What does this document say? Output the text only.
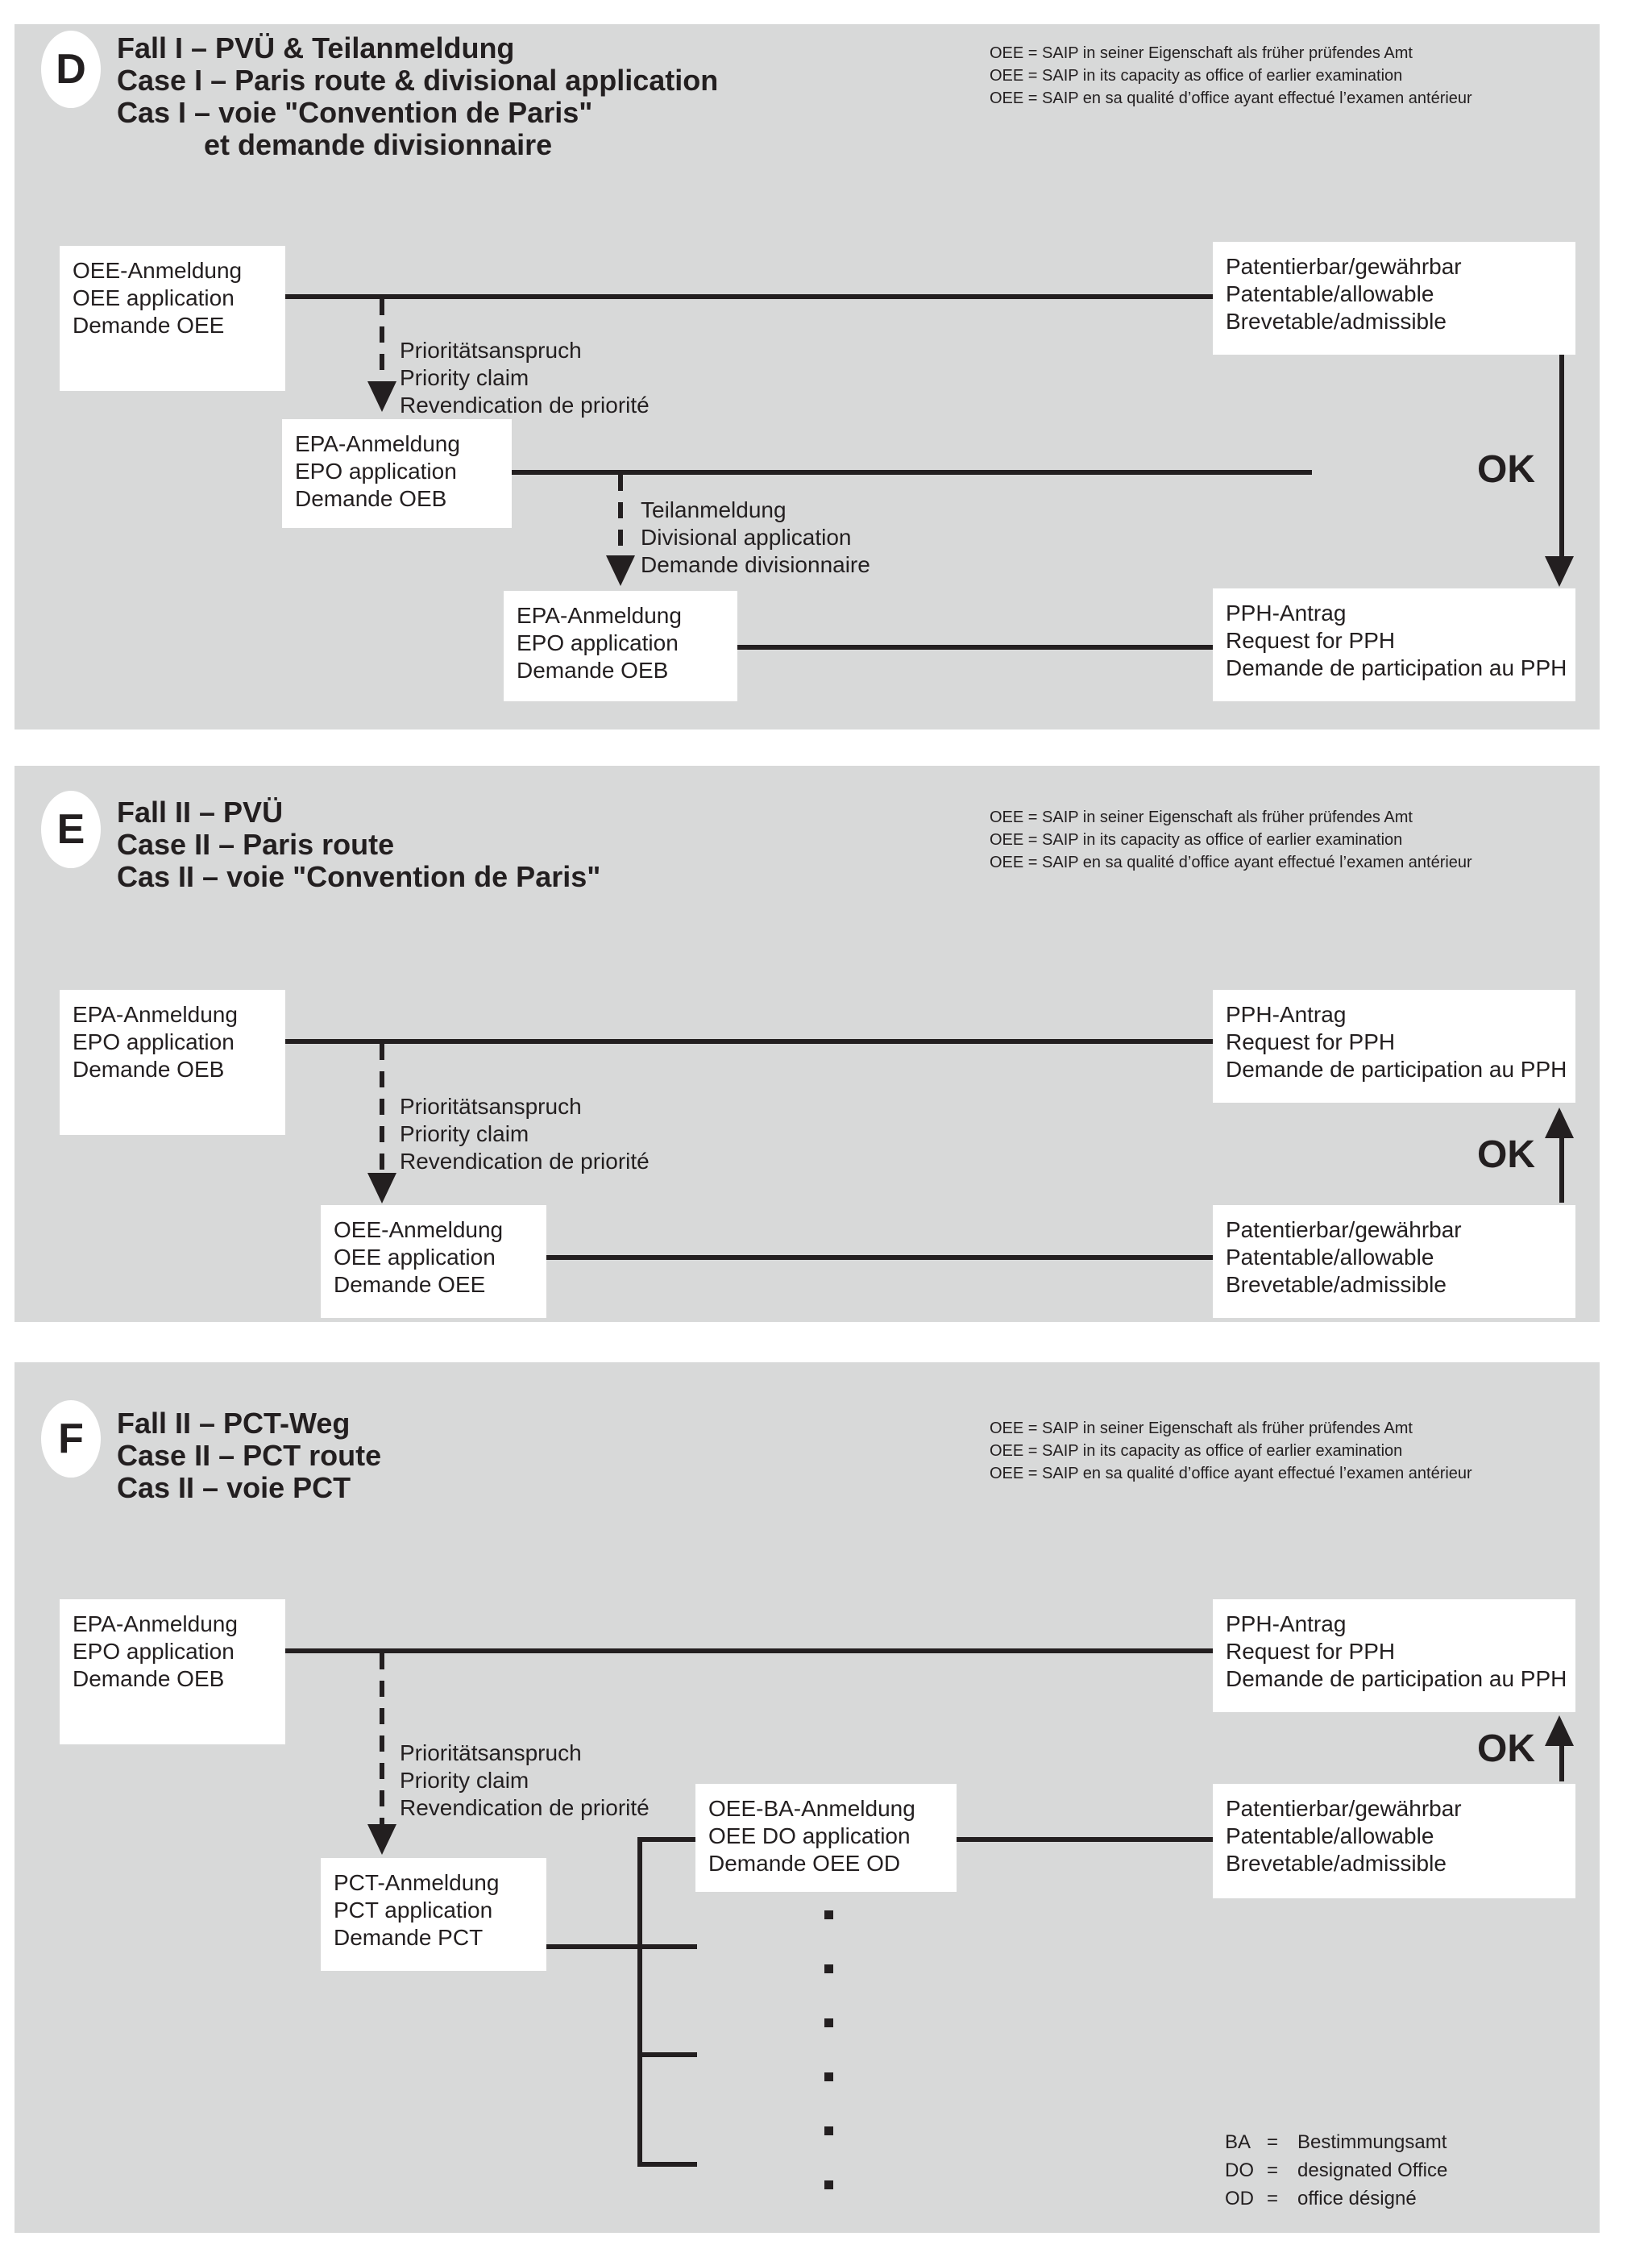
D Fall I – PVÜ & Teilanmeldung
Case I – Paris route & divisional application
Cas I – voie "Convention de Paris"
et demande divisionnaire
OEE = SAIP in seiner Eigenschaft als früher prüfendes Amt
OEE = SAIP in its capacity as office of earlier examination
OEE = SAIP en sa qualité d’office ayant effectué l’examen antérieur
Prioritätsanspruch
Priority claim
Revendication de priorité
Teilanmeldung
Divisional application
Demande divisionnaire
OK
OEE-Anmeldung
OEE application
Demande OEE
EPA-Anmeldung
EPO application
Demande OEB
EPA-Anmeldung
EPO application
Demande OEB
Patentierbar/gewährbar
Patentable/allowable
Brevetable/admissible
PPH-Antrag
Request for PPH
Demande de participation au PPH
E Fall II – PVÜ
Case II – Paris route
Cas II – voie "Convention de Paris"
OEE = SAIP in seiner Eigenschaft als früher prüfendes Amt
OEE = SAIP in its capacity as office of earlier examination
OEE = SAIP en sa qualité d’office ayant effectué l’examen antérieur
Prioritätsanspruch
Priority claim
Revendication de priorité	OK
EPA-Anmeldung
EPO application
Demande OEB
OEE-Anmeldung
OEE application
Demande OEE
PPH-Antrag
Request for PPH
Demande de participation au PPH
Patentierbar/gewährbar
Patentable/allowable
Brevetable/admissible
F Fall II – PCT-Weg
Case II – PCT route
Cas II – voie PCT
OEE = SAIP in seiner Eigenschaft als früher prüfendes Amt
OEE = SAIP in its capacity as office of earlier examination
OEE = SAIP en sa qualité d’office ayant effectué l’examen antérieur
Prioritätsanspruch
Priority claim
Revendication de priorité
OK
EPA-Anmeldung
EPO application
Demande OEB
PCT-Anmeldung
PCT application
Demande PCT
OEE-BA-Anmeldung
OEE DO application
Demande OEE OD
PPH-Antrag
Request for PPH
Demande de participation au PPH
Patentierbar/gewährbar
Patentable/allowable
Brevetable/admissible
BA = Bestimmungsamt
DO = designated Office
OD = office désigné
